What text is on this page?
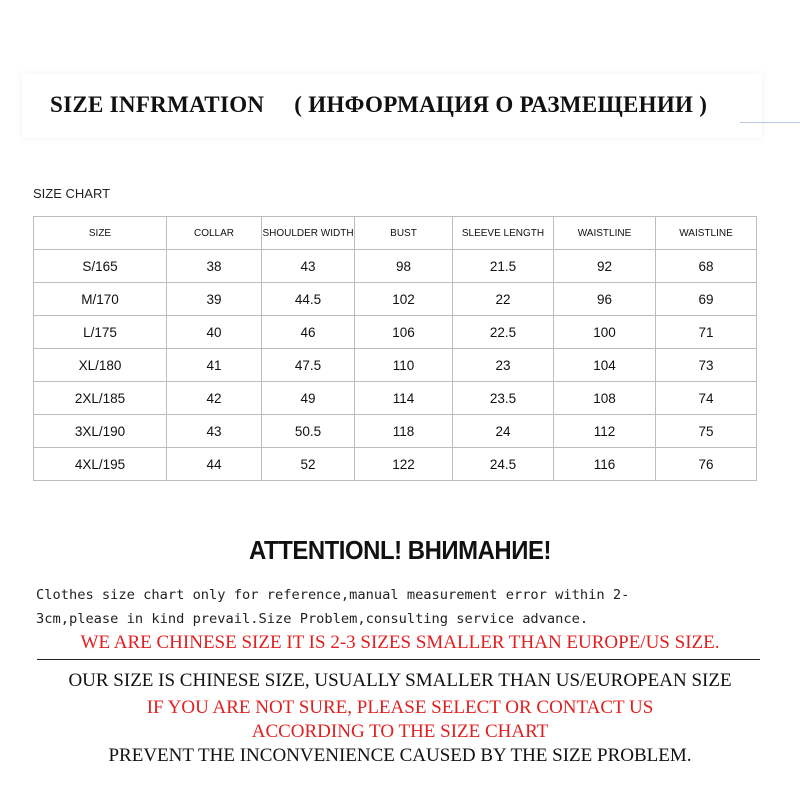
SIZE INFRMATION ( ИНФОРМАЦИЯ О РАЗМЕЩЕНИИ )
SIZE CHART
SIZE	COLLAR	SHOULDER WIDTH	BUST	SLEEVE LENGTH	WAISTLINE	WAISTLINE
S/165	38	43	98	21.5	92	68
M/170	39	44.5	102	22	96	69
L/175	40	46	106	22.5	100	71
XL/180	41	47.5	110	23	104	73
2XL/185	42	49	114	23.5	108	74
3XL/190	43	50.5	118	24	112	75
4XL/195	44	52	122	24.5	116	76
ATTENTIONL! ВНИМАНИЕ!
Clothes size chart only for reference,manual measurement error within 2-
3cm,please in kind prevail.Size Problem,consulting service advance.
WE ARE CHINESE SIZE IT IS 2-3 SIZES SMALLER THAN EUROPE/US SIZE.
OUR SIZE IS CHINESE SIZE, USUALLY SMALLER THAN US/EUROPEAN SIZE
IF YOU ARE NOT SURE, PLEASE SELECT OR CONTACT US
ACCORDING TO THE SIZE CHART
PREVENT THE INCONVENIENCE CAUSED BY THE SIZE PROBLEM.
